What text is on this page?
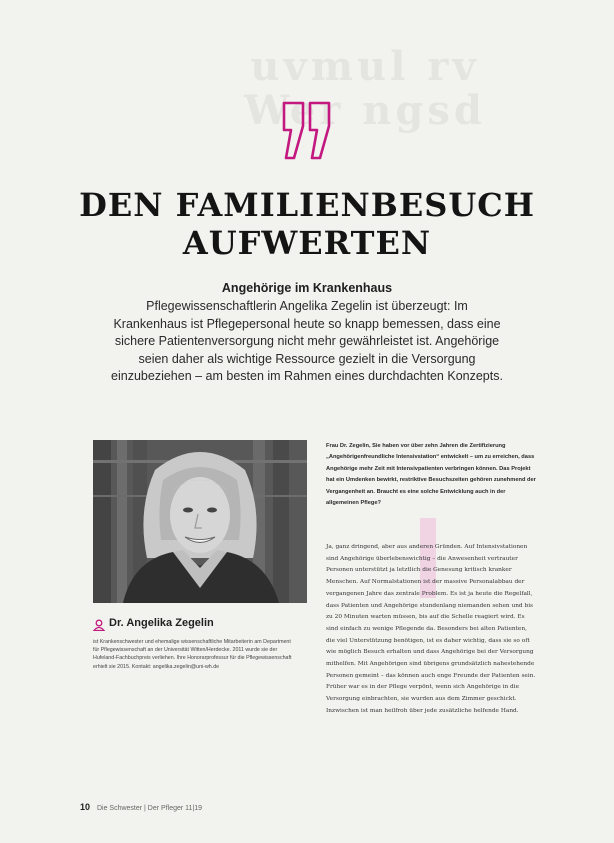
uvmul rv
Wer ngsd
DEN FAMILIENBESUCH
AUFWERTEN
Angehörige im Krankenhaus
Pflegewissenschaftlerin Angelika Zegelin ist überzeugt: Im Krankenhaus ist Pflegepersonal heute so knapp bemessen, dass eine sichere Patientenversorgung nicht mehr gewährleistet ist. Angehörige seien daher als wichtige Ressource gezielt in die Versorgung einzubeziehen – am besten im Rahmen eines durchdachten Konzepts.
Dr. Angelika Zegelin
ist Krankenschwester und ehemalige wissenschaftliche Mitarbeiterin am Department für Pflegewissenschaft an der Universität Witten/Herdecke. 2011 wurde sie der Hufeland-Fachbuchpreis verliehen. Ihre Honorarprofessur für die Pflegewissenschaft erhielt sie 2015. Kontakt: angelika.zegelin@uni-wh.de
Frau Dr. Zegelin, Sie haben vor über zehn Jahren die Zertifizierung „Angehörigenfreundliche Intensivstation“ entwickelt – um zu erreichen, dass Angehörige mehr Zeit mit Intensivpatienten verbringen können. Das Projekt hat ein Umdenken bewirkt, restriktive Besuchszeiten gehören zunehmend der Vergangenheit an. Braucht es eine solche Entwicklung auch in der allgemeinen Pflege?
Ja, ganz dringend, aber aus anderen Gründen. Auf Intensivstationen sind Angehörige überlebenswichtig – die Anwesenheit vertrauter Personen unterstützt ja letztlich die Genesung kritisch kranker Menschen. Auf Normalstationen ist der massive Personalabbau der vergangenen Jahre das zentrale Problem. Es ist ja heute die Regelfall, dass Patienten und Angehörige stundenlang niemanden sehen und bis zu 20 Minuten warten müssen, bis auf die Schelle reagiert wird. Es sind einfach zu wenige Pflegende da. Besonders bei alten Patienten, die viel Unterstützung benötigen, ist es daher wichtig, dass sie so oft wie möglich Besuch erhalten und dass Angehörige bei der Versorgung mithelfen. Mit Angehörigen sind übrigens grundsätzlich nahestehende Personen gemeint – das können auch enge Freunde der Patienten sein. Früher war es in der Pflege verpönt, wenn sich Angehörige in die Versorgung einbrachten, sie wurden aus dem Zimmer geschickt. Inzwischen ist man heilfroh über jede zusätzliche helfende Hand.
10 Die Schwester | Der Pfleger 11|19
